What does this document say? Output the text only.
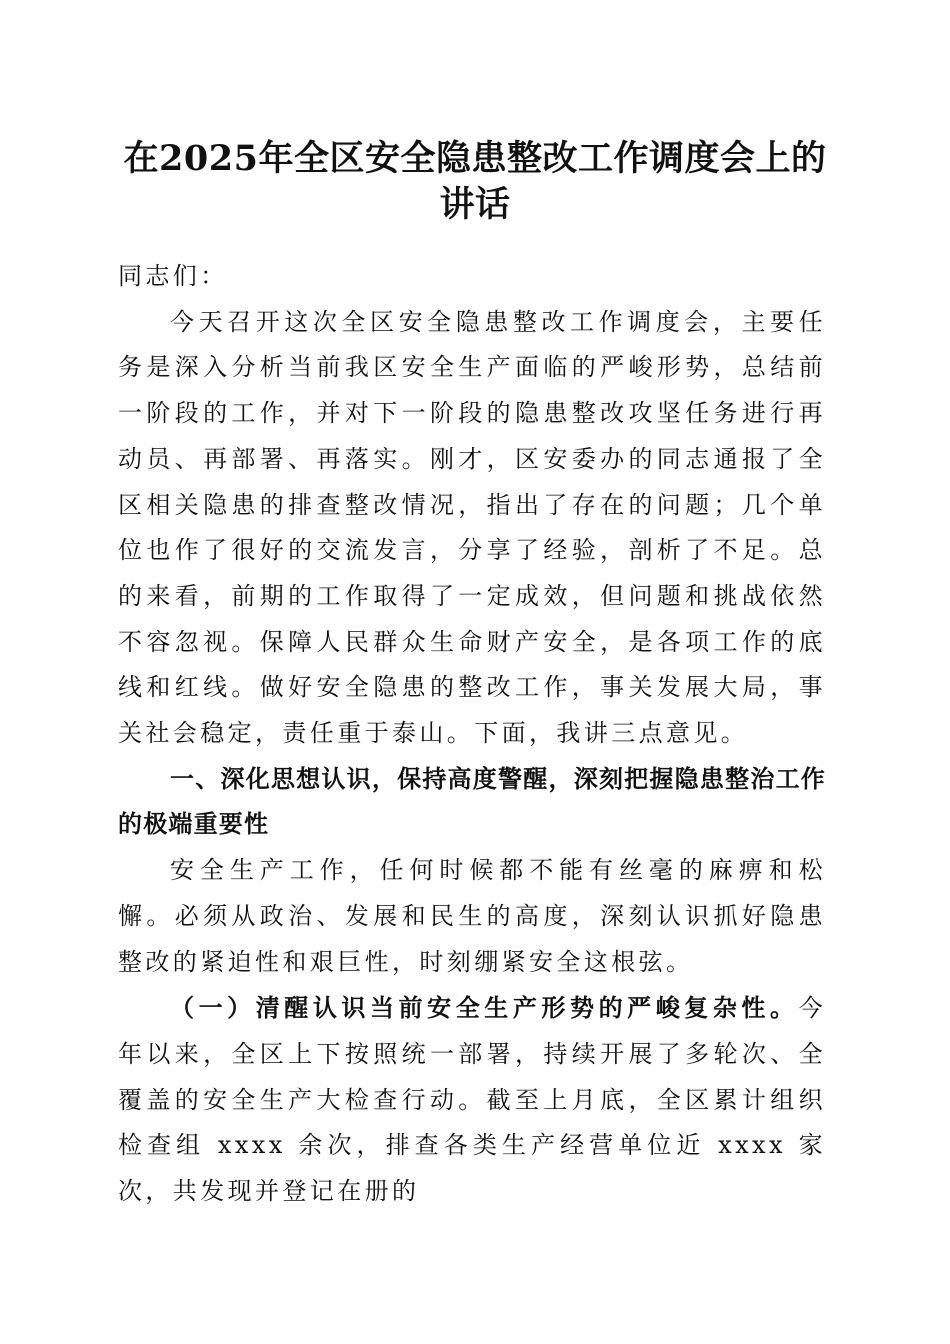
在2025年全区安全隐患整改工作调度会上的讲话

同志们：

今天召开这次全区安全隐患整改工作调度会，主要任务是深入分析当前我区安全生产面临的严峻形势，总结前一阶段的工作，并对下一阶段的隐患整改攻坚任务进行再动员、再部署、再落实。刚才，区安委办的同志通报了全区相关隐患的排查整改情况，指出了存在的问题；几个单位也作了很好的交流发言，分享了经验，剖析了不足。总的来看，前期的工作取得了一定成效，但问题和挑战依然不容忽视。保障人民群众生命财产安全，是各项工作的底线和红线。做好安全隐患的整改工作，事关发展大局，事关社会稳定，责任重于泰山。下面，我讲三点意见。

一、深化思想认识，保持高度警醒，深刻把握隐患整治工作的极端重要性

安全生产工作，任何时候都不能有丝毫的麻痹和松懈。必须从政治、发展和民生的高度，深刻认识抓好隐患整改的紧迫性和艰巨性，时刻绷紧安全这根弦。

（一）清醒认识当前安全生产形势的严峻复杂性。今年以来，全区上下按照统一部署，持续开展了多轮次、全覆盖的安全生产大检查行动。截至上月底，全区累计组织检查组 xxxx 余次，排查各类生产经营单位近 xxxx 家次，共发现并登记在册的
